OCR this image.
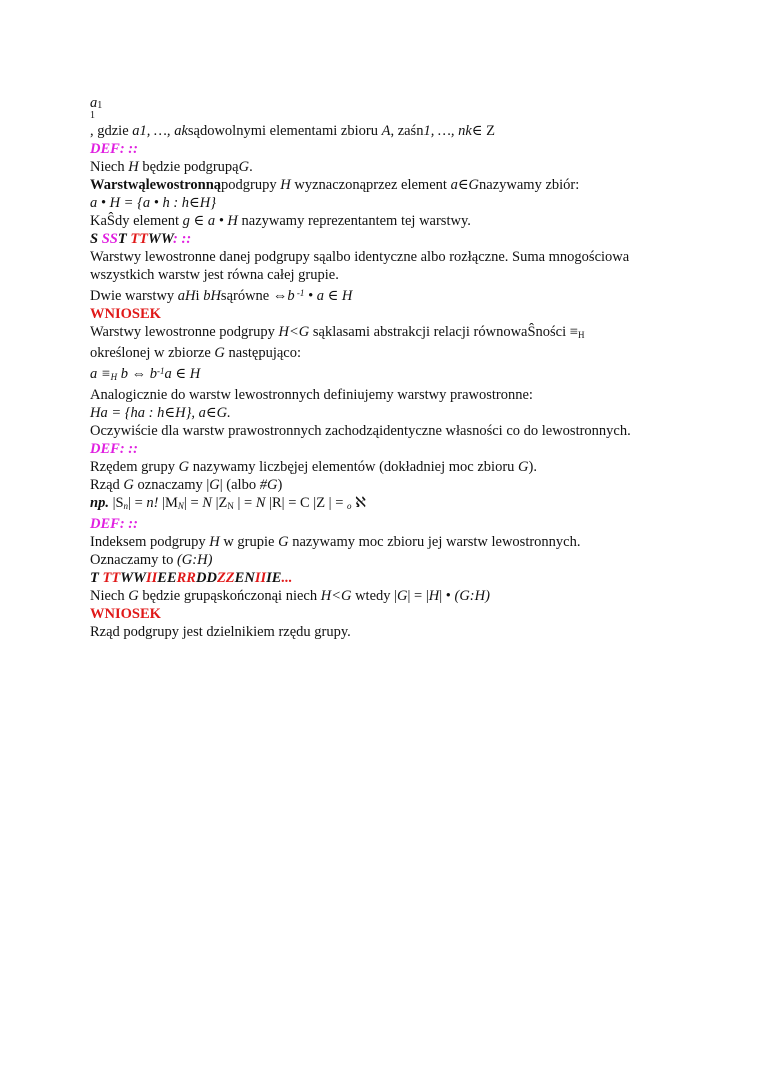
a1
1
, gdzie a1, …, aksądowolnymi elementami zbioru A, zaśn1, …, nk∈ Z
DEF: ::
Niech H będzie podgrupąG.
Warstwąlewostronnąpodgrupy H wyznaczonąprzez element a∈Gnazywamy zbiór:
a • H = {a • h : h∈H}
KaŜdy element g ∈ a • H nazywamy reprezentantem tej warstwy.
S SST TTWW: ::
Warstwy lewostronne danej podgrupy sąalbo identyczne albo rozłączne. Suma mnogościowa
wszystkich warstw jest równa całej grupie.
Dwie warstwy aHi bHsąrówne ⇔b $^{-1}$ • a ∈ H
WNIOSEK
Warstwy lewostronne podgrupy H<G sąklasami abstrakcji relacji równowaŜności $\equiv_H$
określonej w zbiorze G następująco:
$a \equiv_H$ b ⇔ $b^{-1}a$ ∈ H
Analogicznie do warstw lewostronnych definiujemy warstwy prawostronne:
Ha = {ha : h∈H}, a∈G.
Oczywiście dla warstw prawostronnych zachodząidentyczne własności co do lewostronnych.
DEF: ::
Rzędem grupy G nazywamy liczbęjej elementów (dokładniej moc zbioru G).
Rząd G oznaczamy |G| (albo #G)
np. $|S_n| = n$! $|M_N| = N$ $|Z_N$ | = N |R| = C |Z | = $_o$ ℵ
DEF: ::
Indeksem podgrupy H w grupie G nazywamy moc zbioru jej warstw lewostronnych.
Oznaczamy to (G:H)
T TTWWIIEERRDDZZENIIIE...
Niech G będzie grupąskończonąi niech H<G wtedy |G| = |H| • (G:H)
WNIOSEK
Rząd podgrupy jest dzielnikiem rzędu grupy.
